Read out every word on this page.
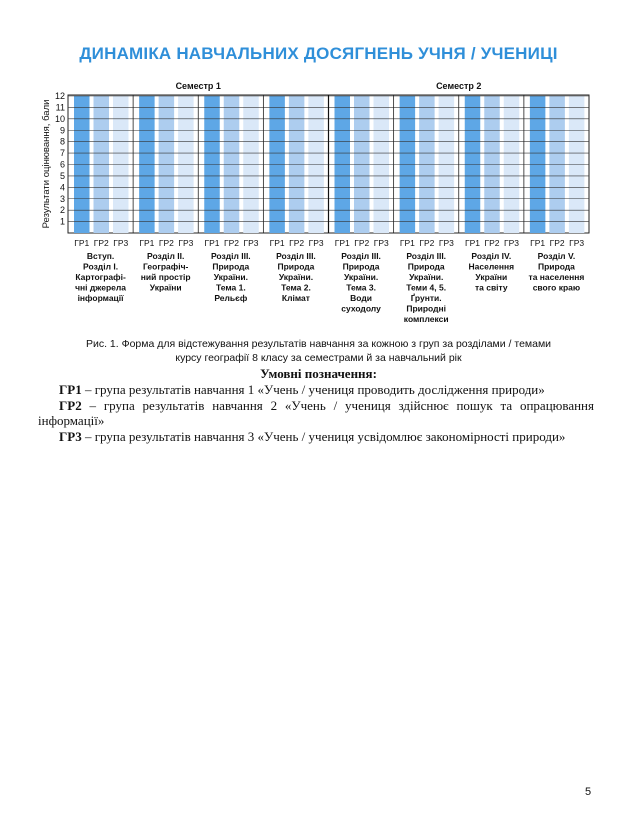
ДИНАМІКА НАВЧАЛЬНИХ ДОСЯГНЕНЬ УЧНЯ / УЧЕНИЦІ
Семестр 1	Семестр 2
1
2
3
4
5
6
7
8
9
10
11
12
Результати оцінювання, бали
ГР1 ГР2 ГР3 ГР1 ГР2 ГР3 ГР1 ГР2 ГР3 ГР1 ГР2 ГР3 ГР1 ГР2 ГР3 ГР1 ГР2 ГР3 ГР1 ГР2 ГР3 ГР1 ГР2 ГР3
Вступ.
Розділ І.
Картографі-
чні джерела
інформації
Розділ ІІ.
Географіч-
ний простір
України
Розділ ІІІ.
Природа
України.
Тема 1.
Рельєф
Розділ ІІІ.
Природа
України.
Тема 2.
Клімат
Розділ ІІІ.
Природа
України.
Тема 3.
Води
суходолу
Розділ ІІІ.
Природа
України.
Теми 4, 5.
Ґрунти.
Природні
комплекси
Розділ IV.
Населення
України
та світу
Розділ V.
Природа
та населення
свого краю
Рис. 1. Форма для відстежування результатів навчання за кожною з груп за розділами / темами
курсу географії 8 класу за семестрами й за навчальний рік
Умовні позначення:

ГР1 – група результатів навчання 1 «Учень / учениця проводить дослідження природи»

ГР2 – група результатів навчання 2 «Учень / учениця здійснює пошук та опрацювання інформації»

ГР3 – група результатів навчання 3 «Учень / учениця усвідомлює закономірності природи»

5
